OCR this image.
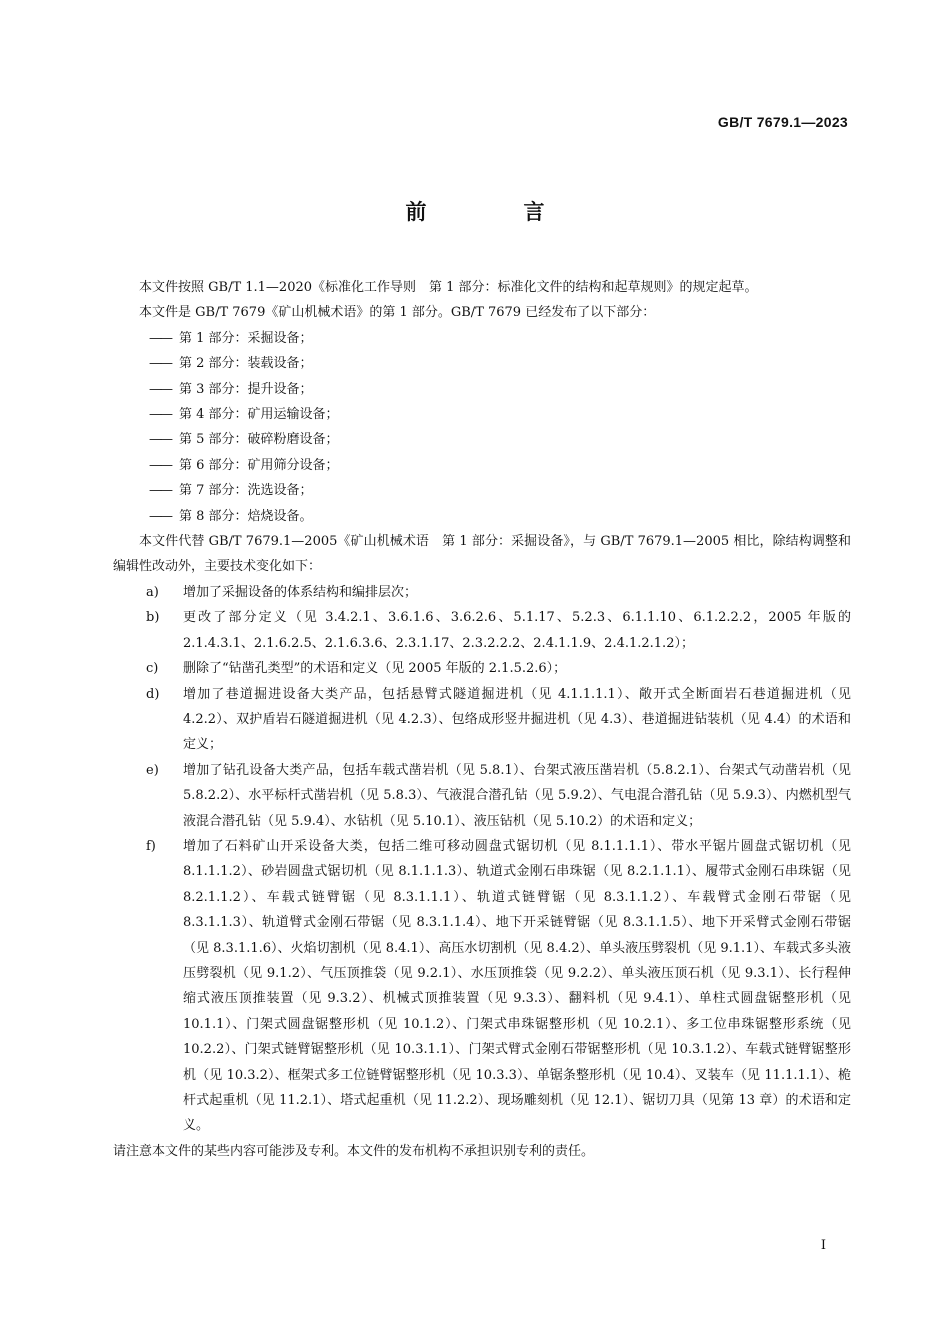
GB/T 7679.1—2023
前　言

本文件按照 GB/T 1.1—2020《标准化工作导则　第 1 部分：标准化文件的结构和起草规则》的规定起草。

本文件是 GB/T 7679《矿山机械术语》的第 1 部分。GB/T 7679 已经发布了以下部分：

—— 第 1 部分：采掘设备；

—— 第 2 部分：装载设备；

—— 第 3 部分：提升设备；

—— 第 4 部分：矿用运输设备；

—— 第 5 部分：破碎粉磨设备；

—— 第 6 部分：矿用筛分设备；

—— 第 7 部分：洗选设备；

—— 第 8 部分：焙烧设备。

本文件代替 GB/T 7679.1—2005《矿山机械术语　第 1 部分：采掘设备》，与 GB/T 7679.1—2005 相比，除结构调整和编辑性改动外，主要技术变化如下：

a)	增加了采掘设备的体系结构和编排层次；
b)	更改了部分定义（见 3.4.2.1、3.6.1.6、3.6.2.6、5.1.17、5.2.3、6.1.1.10、6.1.2.2.2，2005 年版的 2.1.4.3.1、2.1.6.2.5、2.1.6.3.6、2.3.1.17、2.3.2.2.2、2.4.1.1.9、2.4.1.2.1.2）；
c)	删除了“钻凿孔类型”的术语和定义（见 2005 年版的 2.1.5.2.6）；
d)	增加了巷道掘进设备大类产品，包括悬臂式隧道掘进机（见 4.1.1.1.1）、敞开式全断面岩石巷道掘进机（见 4.2.2）、双护盾岩石隧道掘进机（见 4.2.3）、包络成形竖井掘进机（见 4.3）、巷道掘进钻装机（见 4.4）的术语和定义；
e)	增加了钻孔设备大类产品，包括车载式凿岩机（见 5.8.1）、台架式液压凿岩机（5.8.2.1）、台架式气动凿岩机（见 5.8.2.2）、水平标杆式凿岩机（见 5.8.3）、气液混合潜孔钻（见 5.9.2）、气电混合潜孔钻（见 5.9.3）、内燃机型气液混合潜孔钻（见 5.9.4）、水钻机（见 5.10.1）、液压钻机（见 5.10.2）的术语和定义；
f)	增加了石料矿山开采设备大类，包括二维可移动圆盘式锯切机（见 8.1.1.1.1）、带水平锯片圆盘式锯切机（见 8.1.1.1.2）、砂岩圆盘式锯切机（见 8.1.1.1.3）、轨道式金刚石串珠锯（见 8.2.1.1.1）、履带式金刚石串珠锯（见 8.2.1.1.2）、车载式链臂锯（见 8.3.1.1.1）、轨道式链臂锯（见 8.3.1.1.2）、车载臂式金刚石带锯（见 8.3.1.1.3）、轨道臂式金刚石带锯（见 8.3.1.1.4）、地下开采链臂锯（见 8.3.1.1.5）、地下开采臂式金刚石带锯（见 8.3.1.1.6）、火焰切割机（见 8.4.1）、高压水切割机（见 8.4.2）、单头液压劈裂机（见 9.1.1）、车载式多头液压劈裂机（见 9.1.2）、气压顶推袋（见 9.2.1）、水压顶推袋（见 9.2.2）、单头液压顶石机（见 9.3.1）、长行程伸缩式液压顶推装置（见 9.3.2）、机械式顶推装置（见 9.3.3）、翻料机（见 9.4.1）、单柱式圆盘锯整形机（见 10.1.1）、门架式圆盘锯整形机（见 10.1.2）、门架式串珠锯整形机（见 10.2.1）、多工位串珠锯整形系统（见 10.2.2）、门架式链臂锯整形机（见 10.3.1.1）、门架式臂式金刚石带锯整形机（见 10.3.1.2）、车载式链臂锯整形机（见 10.3.2）、框架式多工位链臂锯整形机（见 10.3.3）、单锯条整形机（见 10.4）、叉装车（见 11.1.1.1）、桅杆式起重机（见 11.2.1）、塔式起重机（见 11.2.2）、现场雕刻机（见 12.1）、锯切刀具（见第 13 章）的术语和定义。

请注意本文件的某些内容可能涉及专利。本文件的发布机构不承担识别专利的责任。

I
